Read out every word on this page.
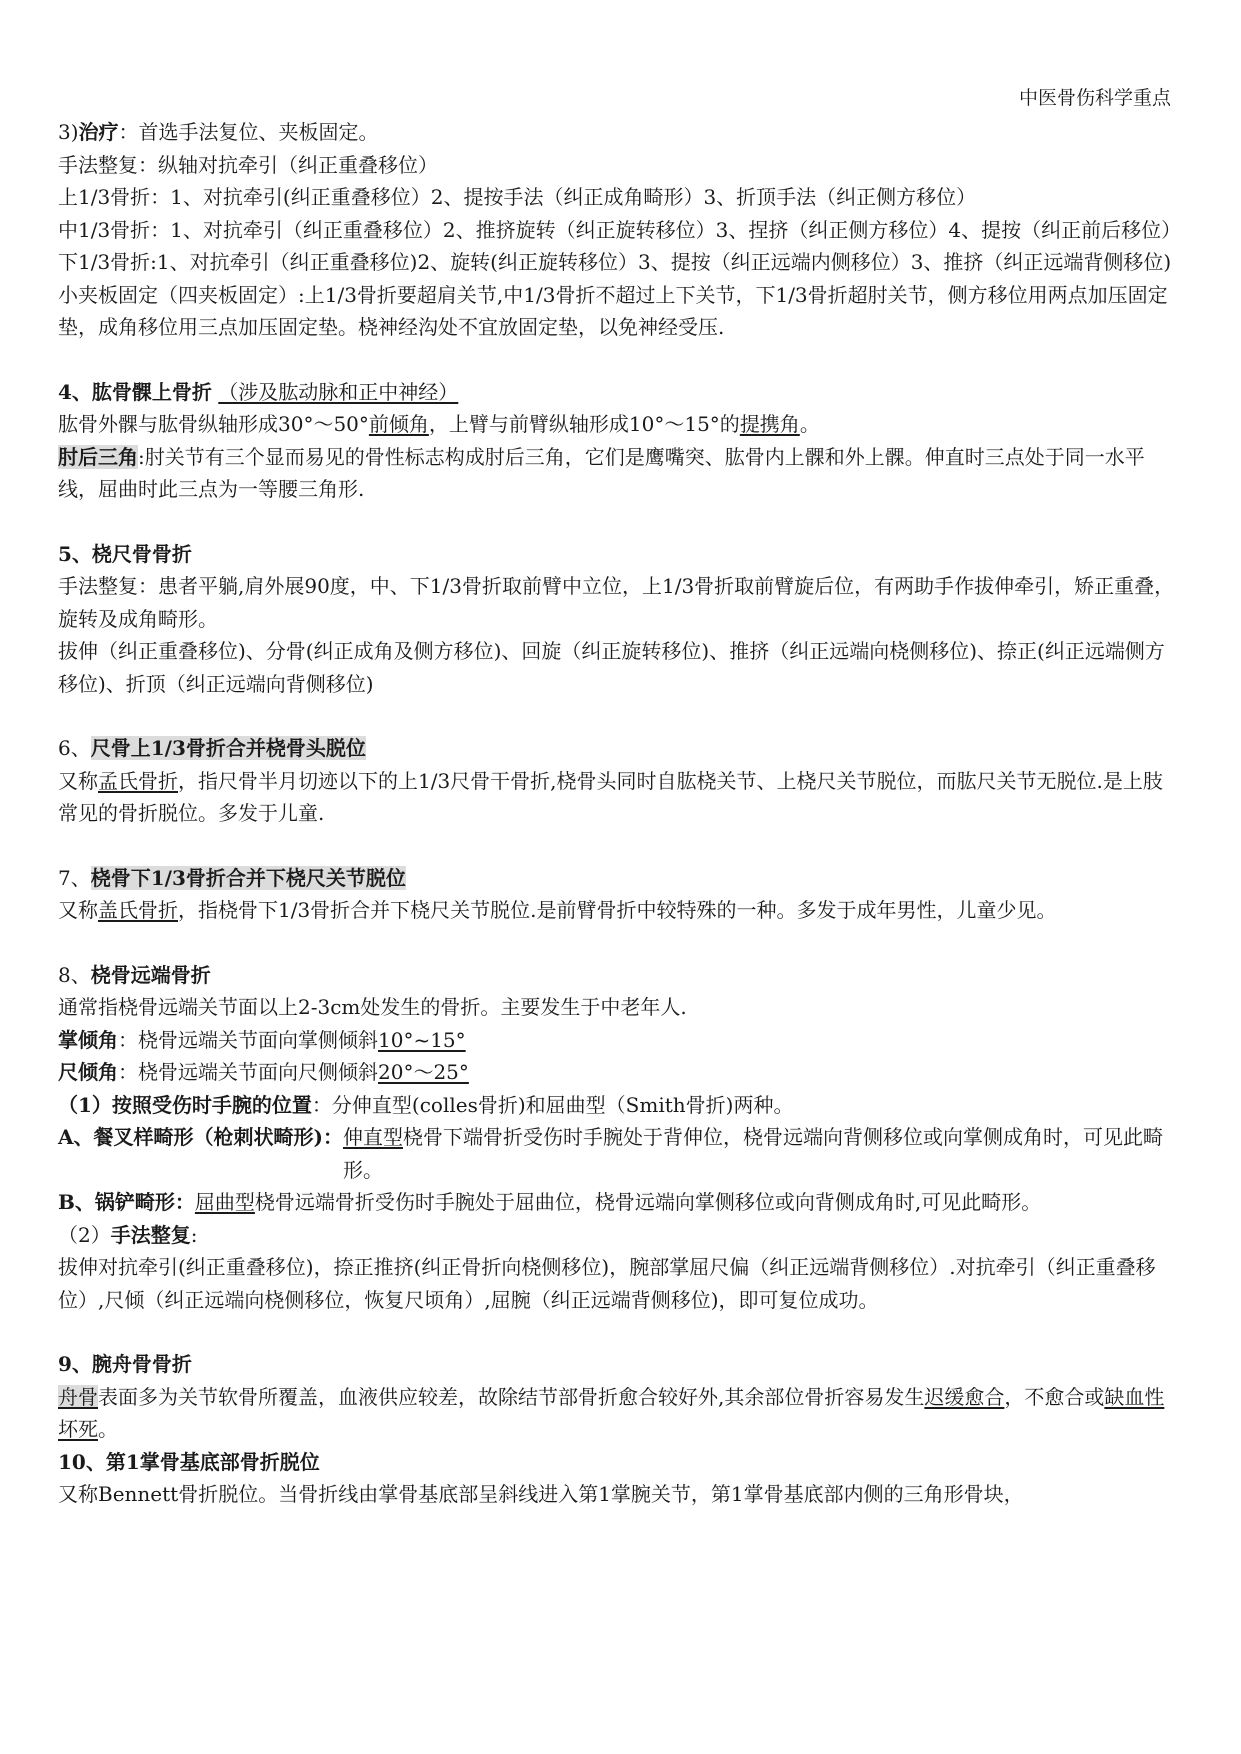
中医骨伤科学重点

3)治疗：首选手法复位、夹板固定。

手法整复：纵轴对抗牵引（纠正重叠移位）

上1/3骨折：1、对抗牵引(纠正重叠移位）2、提按手法（纠正成角畸形）3、折顶手法（纠正侧方移位）

中1/3骨折：1、对抗牵引（纠正重叠移位）2、推挤旋转（纠正旋转移位）3、捏挤（纠正侧方移位）4、提按（纠正前后移位）

下1/3骨折:1、对抗牵引（纠正重叠移位)2、旋转(纠正旋转移位）3、提按（纠正远端内侧移位）3、推挤（纠正远端背侧移位)

小夹板固定（四夹板固定）:上1/3骨折要超肩关节,中1/3骨折不超过上下关节，下1/3骨折超肘关节，侧方移位用两点加压固定垫，成角移位用三点加压固定垫。桡神经沟处不宜放固定垫，以免神经受压.

4、肱骨髁上骨折 （涉及肱动脉和正中神经）

肱骨外髁与肱骨纵轴形成30°～50°前倾角，上臂与前臂纵轴形成10°～15°的提携角。

肘后三角:肘关节有三个显而易见的骨性标志构成肘后三角，它们是鹰嘴突、肱骨内上髁和外上髁。伸直时三点处于同一水平线，屈曲时此三点为一等腰三角形.

5、桡尺骨骨折

手法整复：患者平躺,肩外展90度，中、下1/3骨折取前臂中立位，上1/3骨折取前臂旋后位，有两助手作拔伸牵引，矫正重叠，旋转及成角畸形。

拔伸（纠正重叠移位)、分骨(纠正成角及侧方移位)、回旋（纠正旋转移位)、推挤（纠正远端向桡侧移位)、捺正(纠正远端侧方移位)、折顶（纠正远端向背侧移位)

6、尺骨上1/3骨折合并桡骨头脱位

又称孟氏骨折，指尺骨半月切迹以下的上1/3尺骨干骨折,桡骨头同时自肱桡关节、上桡尺关节脱位，而肱尺关节无脱位.是上肢常见的骨折脱位。多发于儿童.

7、桡骨下1/3骨折合并下桡尺关节脱位

又称盖氏骨折，指桡骨下1/3骨折合并下桡尺关节脱位.是前臂骨折中较特殊的一种。多发于成年男性，儿童少见。

8、桡骨远端骨折

通常指桡骨远端关节面以上2-3cm处发生的骨折。主要发生于中老年人.

掌倾角：桡骨远端关节面向掌侧倾斜10°~15°

尺倾角：桡骨远端关节面向尺侧倾斜20°～25°

（1）按照受伤时手腕的位置：分伸直型(colles骨折)和屈曲型（Smith骨折)两种。

A、餐叉样畸形（枪刺状畸形)： 伸直型桡骨下端骨折受伤时手腕处于背伸位，桡骨远端向背侧移位或向掌侧成角时，可见此畸形。
B、锅铲畸形： 屈曲型桡骨远端骨折受伤时手腕处于屈曲位，桡骨远端向掌侧移位或向背侧成角时,可见此畸形。

（2）手法整复:

拔伸对抗牵引(纠正重叠移位)，捺正推挤(纠正骨折向桡侧移位)，腕部掌屈尺偏（纠正远端背侧移位）.对抗牵引（纠正重叠移位）,尺倾（纠正远端向桡侧移位，恢复尺顷角）,屈腕（纠正远端背侧移位)，即可复位成功。

9、腕舟骨骨折

舟骨表面多为关节软骨所覆盖，血液供应较差，故除结节部骨折愈合较好外,其余部位骨折容易发生迟缓愈合，不愈合或缺血性坏死。

10、第1掌骨基底部骨折脱位

又称Bennett骨折脱位。当骨折线由掌骨基底部呈斜线进入第1掌腕关节，第1掌骨基底部内侧的三角形骨块，
